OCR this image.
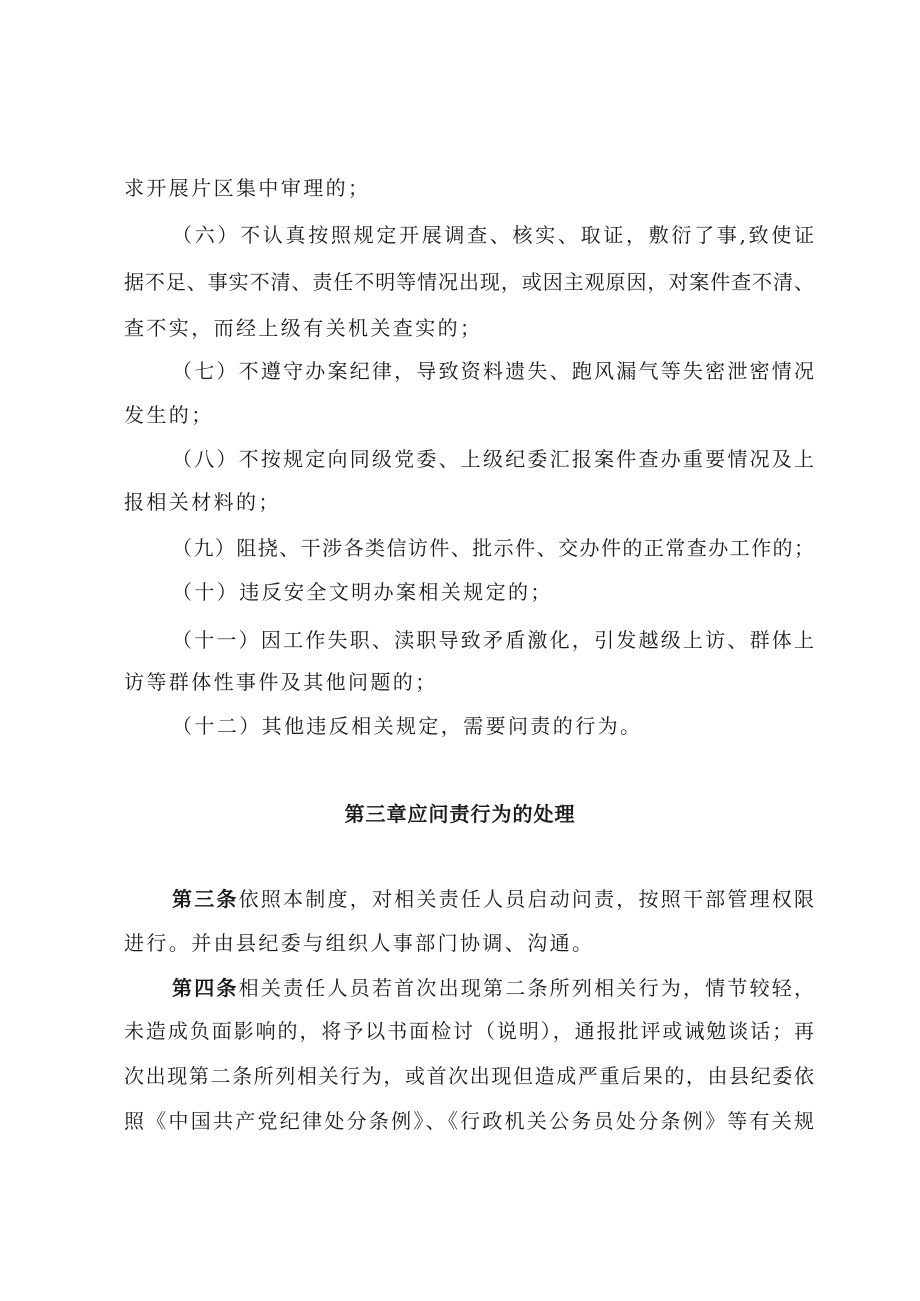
求开展片区集中审理的；
（六）不认真按照规定开展调查、核实、取证，敷衍了事,致使证
据不足、事实不清、责任不明等情况出现，或因主观原因，对案件查不清、
查不实，而经上级有关机关查实的；
（七）不遵守办案纪律，导致资料遗失、跑风漏气等失密泄密情况
发生的；
（八）不按规定向同级党委、上级纪委汇报案件查办重要情况及上
报相关材料的；
（九）阻挠、干涉各类信访件、批示件、交办件的正常查办工作的；
（十）违反安全文明办案相关规定的；
（十一）因工作失职、渎职导致矛盾激化，引发越级上访、群体上
访等群体性事件及其他问题的；
（十二）其他违反相关规定，需要问责的行为。
第三章应问责行为的处理
第三条依照本制度，对相关责任人员启动问责，按照干部管理权限
进行。并由县纪委与组织人事部门协调、沟通。
第四条相关责任人员若首次出现第二条所列相关行为，情节较轻，
未造成负面影响的，将予以书面检讨（说明），通报批评或诫勉谈话；再
次出现第二条所列相关行为，或首次出现但造成严重后果的，由县纪委依
照《中国共产党纪律处分条例》、《行政机关公务员处分条例》等有关规
